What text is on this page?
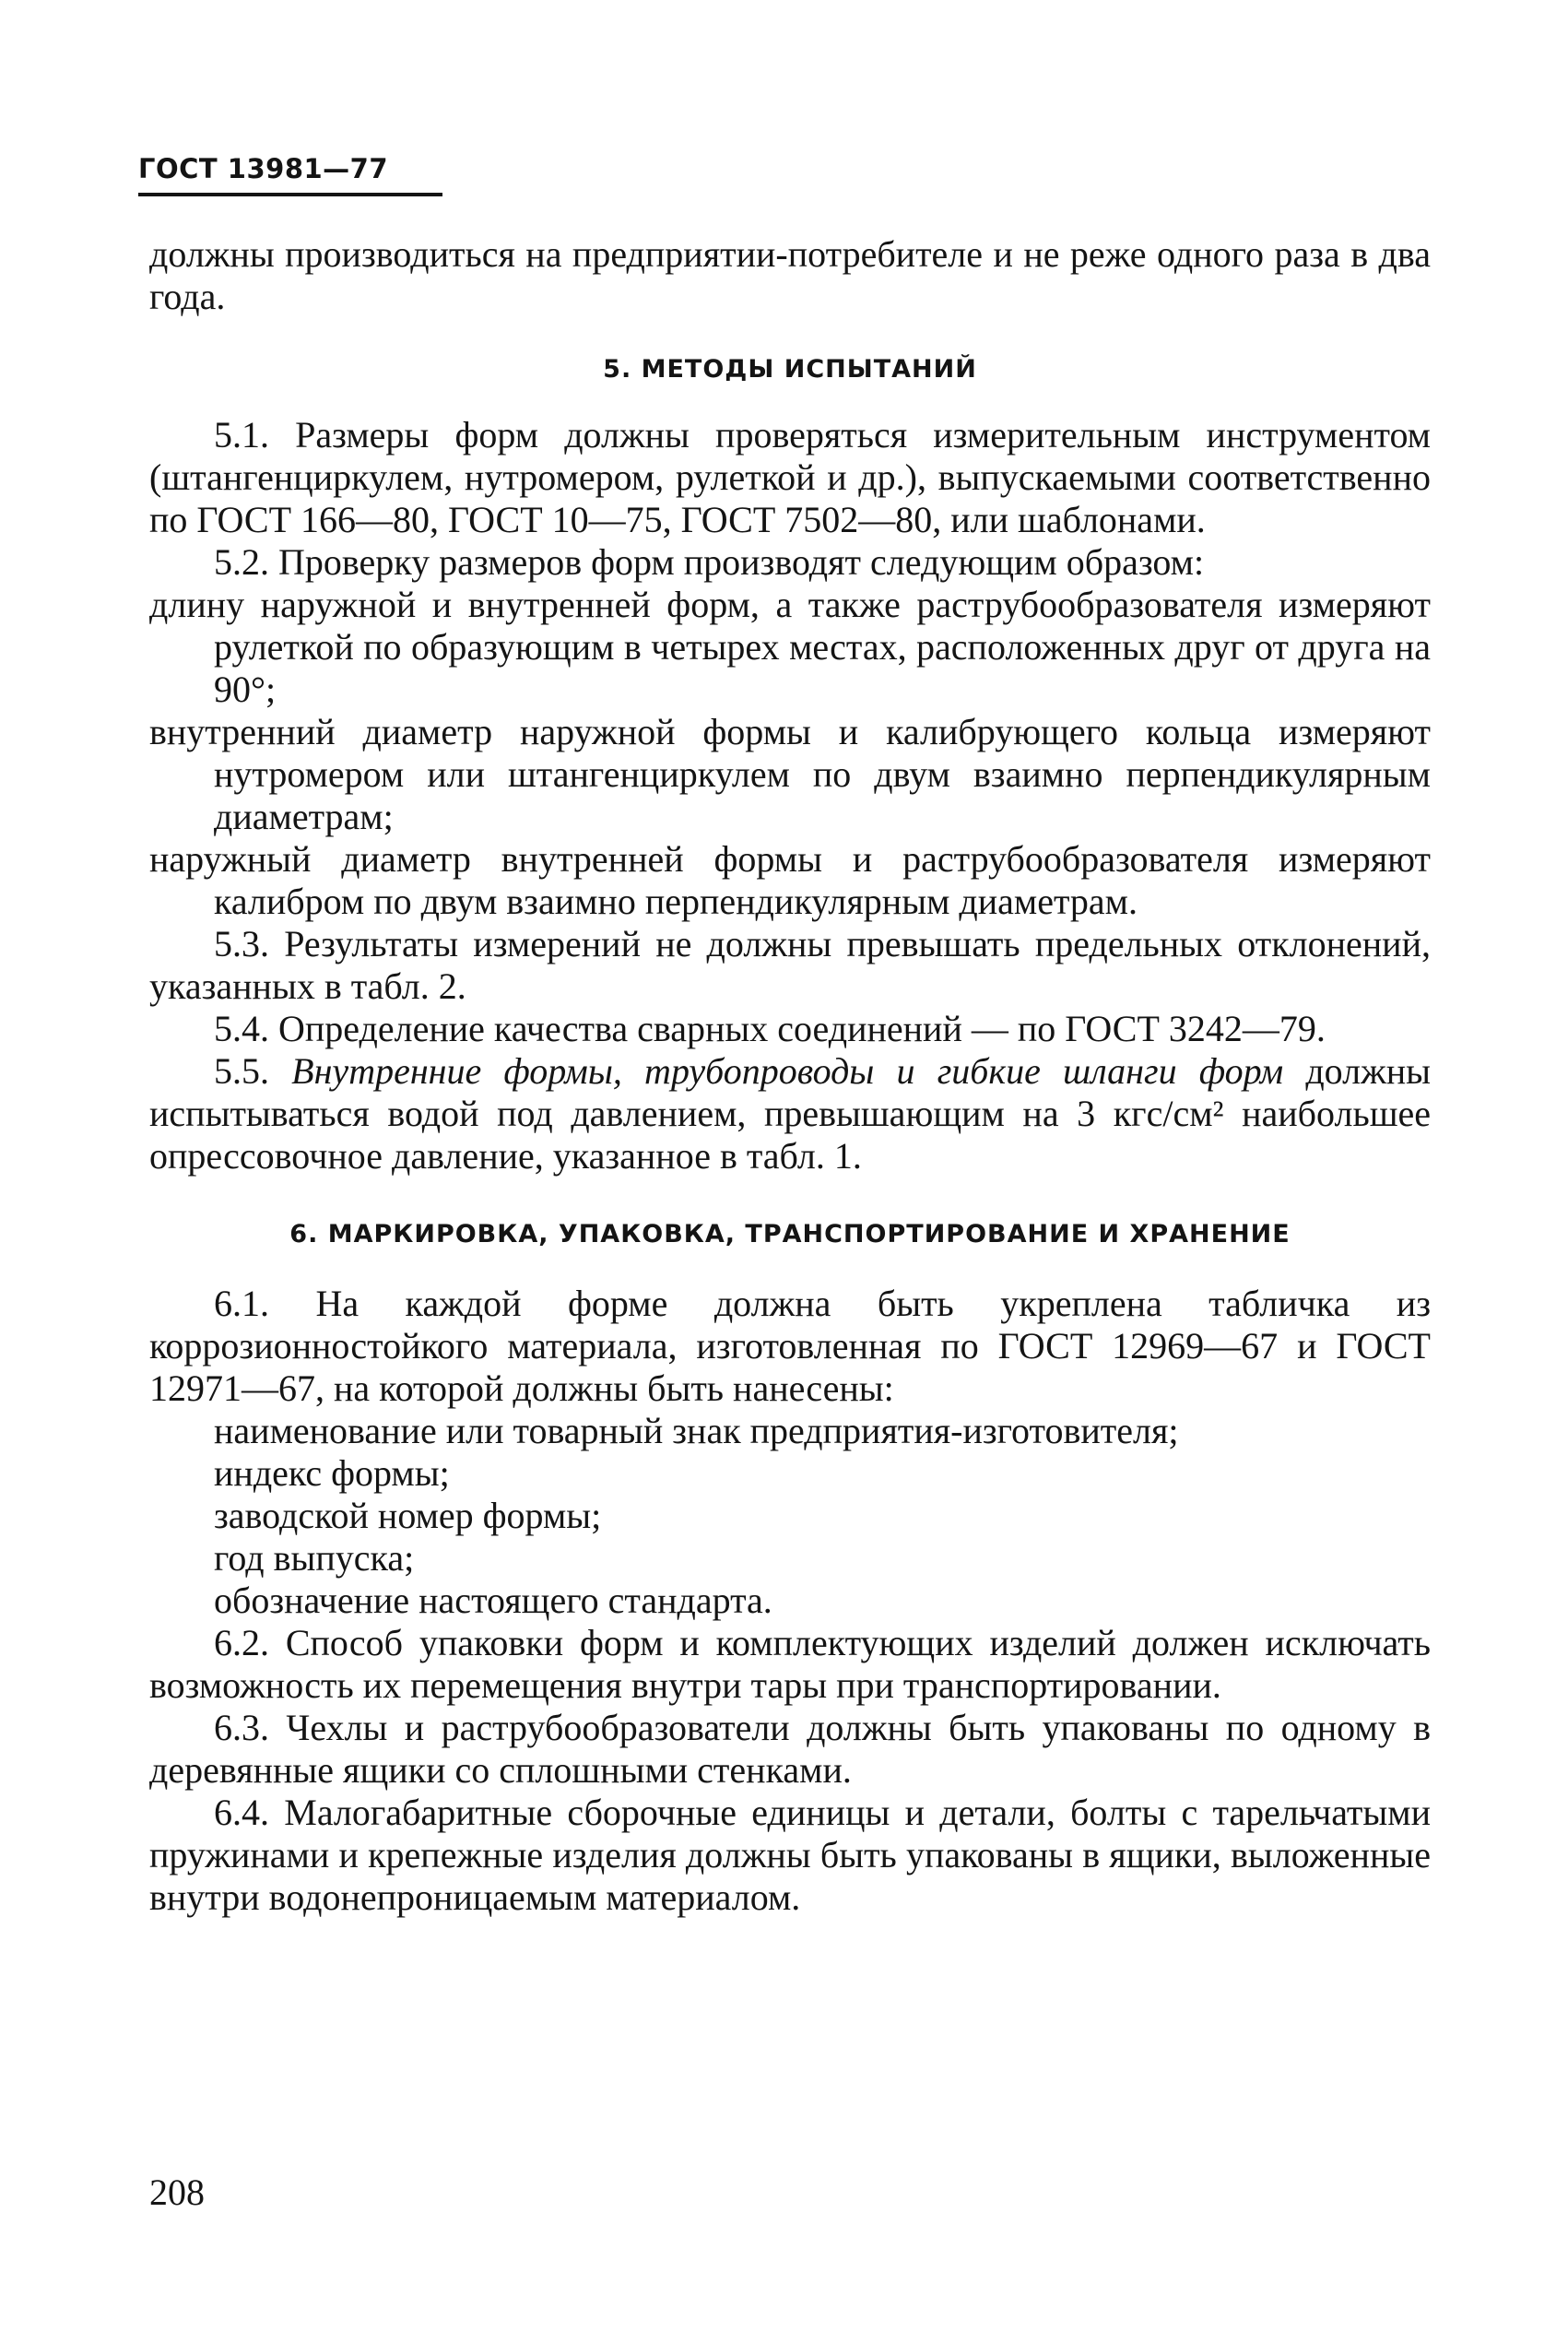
ГОСТ 13981—77

должны производиться на предприятии-потребителе и не реже одного раза в два года.

5. МЕТОДЫ ИСПЫТАНИЙ

5.1. Размеры форм должны проверяться измерительным инструментом (штангенциркулем, нутромером, рулеткой и др.), выпускаемыми соответственно по ГОСТ 166—80, ГОСТ 10—75, ГОСТ 7502—80, или шаблонами.

5.2. Проверку размеров форм производят следующим образом:

длину наружной и внутренней форм, а также раструбообразователя измеряют рулеткой по образующим в четырех местах, расположенных друг от друга на 90°;

внутренний диаметр наружной формы и калибрующего кольца измеряют нутромером или штангенциркулем по двум взаимно перпендикулярным диаметрам;

наружный диаметр внутренней формы и раструбообразователя измеряют калибром по двум взаимно перпендикулярным диаметрам.

5.3. Результаты измерений не должны превышать предельных отклонений, указанных в табл. 2.

5.4. Определение качества сварных соединений — по ГОСТ 3242—79.

5.5. Внутренние формы, трубопроводы и гибкие шланги форм должны испытываться водой под давлением, превышающим на 3 кгс/см² наибольшее опрессовочное давление, указанное в табл. 1.

6. МАРКИРОВКА, УПАКОВКА, ТРАНСПОРТИРОВАНИЕ И ХРАНЕНИЕ

6.1. На каждой форме должна быть укреплена табличка из коррозионностойкого материала, изготовленная по ГОСТ 12969—67 и ГОСТ 12971—67, на которой должны быть нанесены:

наименование или товарный знак предприятия-изготовителя;

индекс формы;

заводской номер формы;

год выпуска;

обозначение настоящего стандарта.

6.2. Способ упаковки форм и комплектующих изделий должен исключать возможность их перемещения внутри тары при транспортировании.

6.3. Чехлы и раструбообразователи должны быть упакованы по одному в деревянные ящики со сплошными стенками.

6.4. Малогабаритные сборочные единицы и детали, болты с тарельчатыми пружинами и крепежные изделия должны быть упакованы в ящики, выложенные внутри водонепроницаемым материалом.

208
